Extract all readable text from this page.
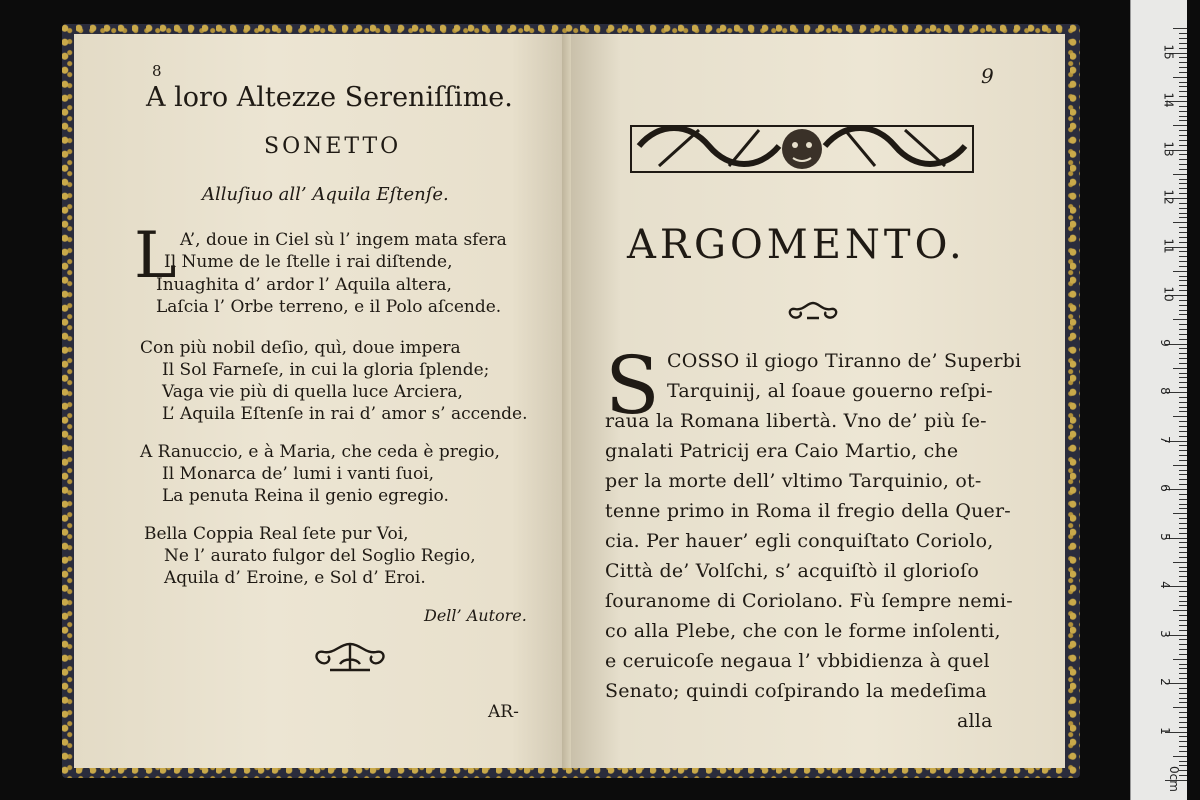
8
A loro Altezze Sereniſſime.
SONETTO
Alluſiuo all’ Aquila Eſtenſe.
L A’, doue in Ciel sù l’ ingem mata sfera
Il Nume de le ſtelle i rai diſtende,
Inuaghita d’ ardor l’ Aquila altera,
Laſcia l’ Orbe terreno, e il Polo aſcende.
Con più nobil deſio, quì, doue impera
Il Sol Farneſe, in cui la gloria ſplende;
Vaga vie più di quella luce Arciera,
L’ Aquila Eſtenſe in rai d’ amor s’ accende.
A Ranuccio, e à Maria, che ceda è pregio,
Il Monarca de’ lumi i vanti ſuoi,
La penuta Reina il genio egregio.
Bella Coppia Real ſete pur Voi,
Ne l’ aurato fulgor del Soglio Regio,
Aquila d’ Eroine, e Sol d’ Eroi.
Dell’ Autore.
AR-
9
ARGOMENTO.
S COSSO il giogo Tiranno de’ Superbi
Tarquinij, al ſoaue gouerno reſpi-
raua la Romana libertà. Vno de’ più ſe-
gnalati Patricij era Caio Martio, che
per la morte dell’ vltimo Tarquinio, ot-
tenne primo in Roma il fregio della Quer-
cia. Per hauer’ egli conquiſtato Coriolo,
Città de’ Volſchi, s’ acquiſtò il glorioſo
ſouranome di Coriolano. Fù ſempre nemi-
co alla Plebe, che con le forme inſolenti,
e ceruicoſe negaua l’ vbbidienza à quel
Senato; quindi coſpirando la medeſima
alla
0cm
1
2
3
4
5
6
7
8
9
10
11
12
13
14
15
